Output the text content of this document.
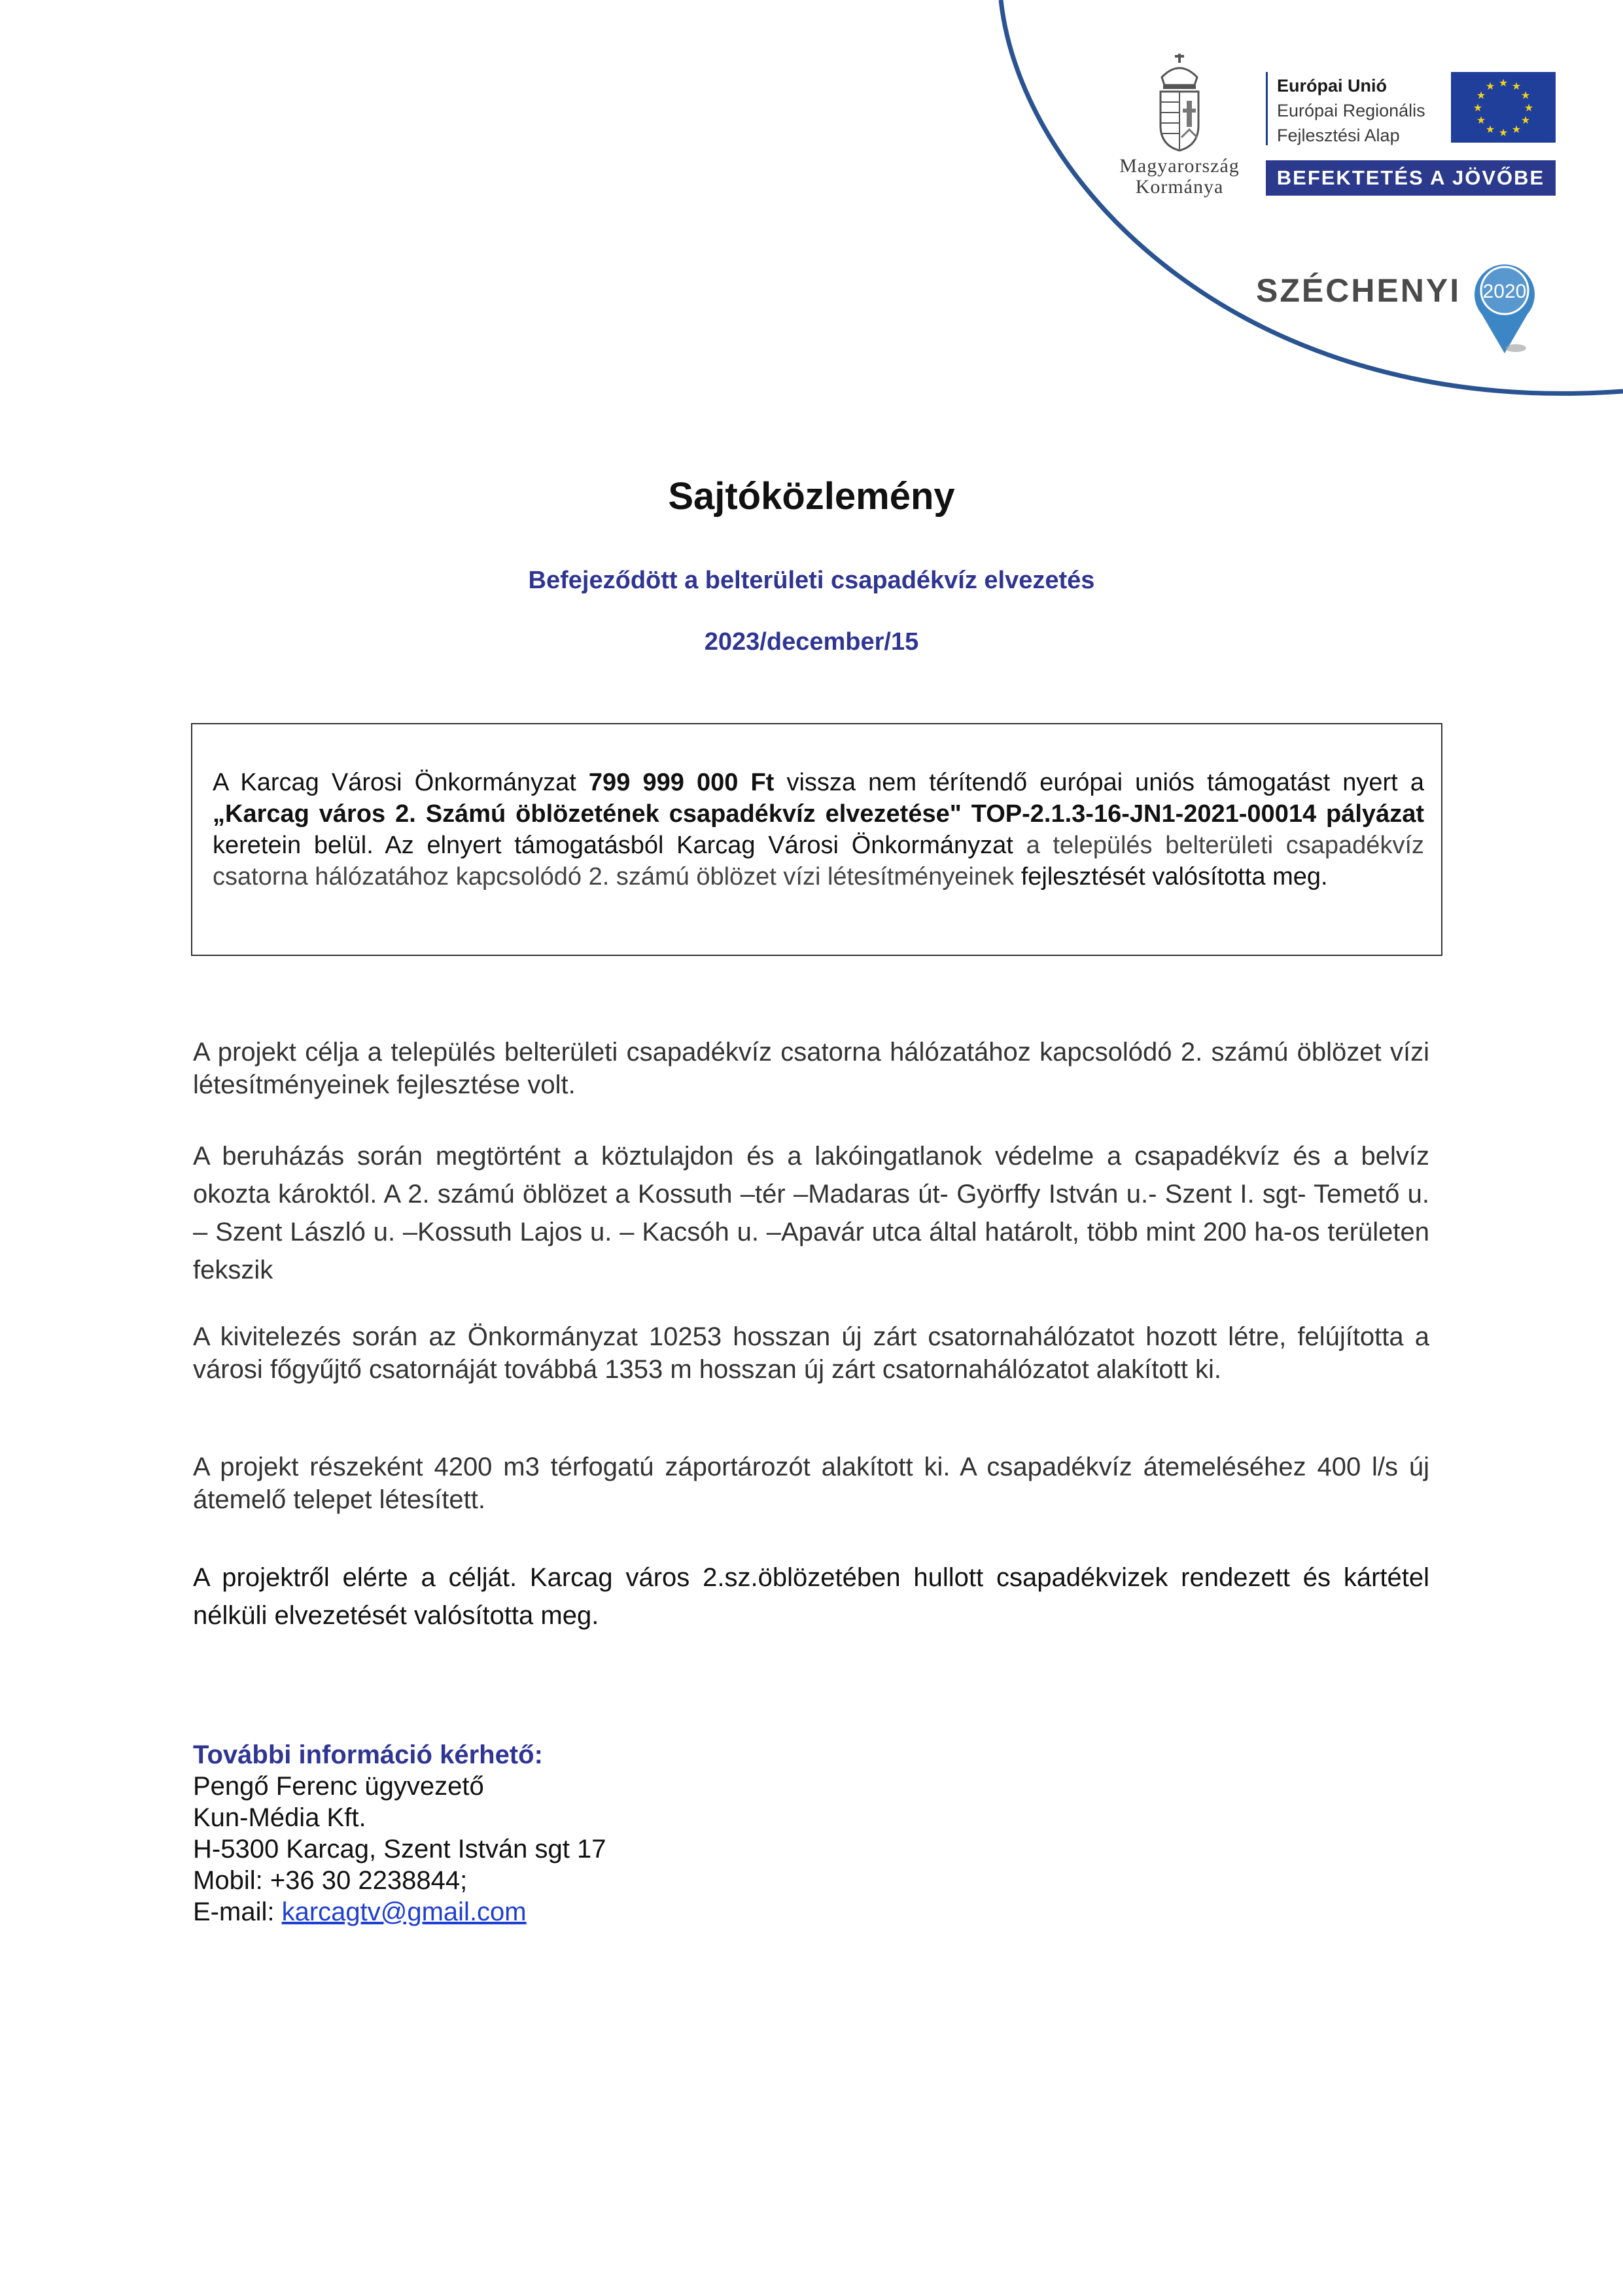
Magyarország
Kormánya
Európai Unió
Európai Regionális
Fejlesztési Alap
★ ★
★
★
★
★
★
★
★
★
★
★
BEFEKTETÉS A JÖVŐBE
SZÉCHENYI 2020
Sajtóközlemény
Befejeződött a belterületi csapadékvíz elvezetés
2023/december/15
A Karcag Városi Önkormányzat 799 999 000 Ft vissza nem térítendő európai uniós támogatást nyert a „Karcag város 2. Számú öblözetének csapadékvíz elvezetése" TOP-2.1.3-16-JN1-2021-00014 pályázat keretein belül. Az elnyert támogatásból Karcag Városi Önkormányzat a település belterületi csapadékvíz csatorna hálózatához kapcsolódó 2. számú öblözet vízi létesítményeinek fejlesztését valósította meg.
A projekt célja a település belterületi csapadékvíz csatorna hálózatához kapcsolódó 2. számú öblözet vízi létesítményeinek fejlesztése volt.
A beruházás során megtörtént a köztulajdon és a lakóingatlanok védelme a csapadékvíz és a belvíz okozta károktól. A 2. számú öblözet a Kossuth –tér –Madaras út- Györffy István u.- Szent I. sgt- Temető u. – Szent László u. –Kossuth Lajos u. – Kacsóh u. –Apavár utca által határolt, több mint 200 ha-os területen fekszik
A kivitelezés során az Önkormányzat 10253 hosszan új zárt csatornahálózatot hozott létre, felújította a városi főgyűjtő csatornáját továbbá 1353 m hosszan új zárt csatornahálózatot alakított ki.
A projekt részeként 4200 m3 térfogatú záportározót alakított ki. A csapadékvíz átemeléséhez 400 l/s új átemelő telepet létesített.
A projektről elérte a célját. Karcag város 2.sz.öblözetében hullott csapadékvizek rendezett és kártétel nélküli elvezetését valósította meg.
További információ kérhető:
Pengő Ferenc ügyvezető
Kun-Média Kft.
H-5300 Karcag, Szent István sgt 17
Mobil: +36 30 2238844;
E-mail: karcagtv@gmail.com
